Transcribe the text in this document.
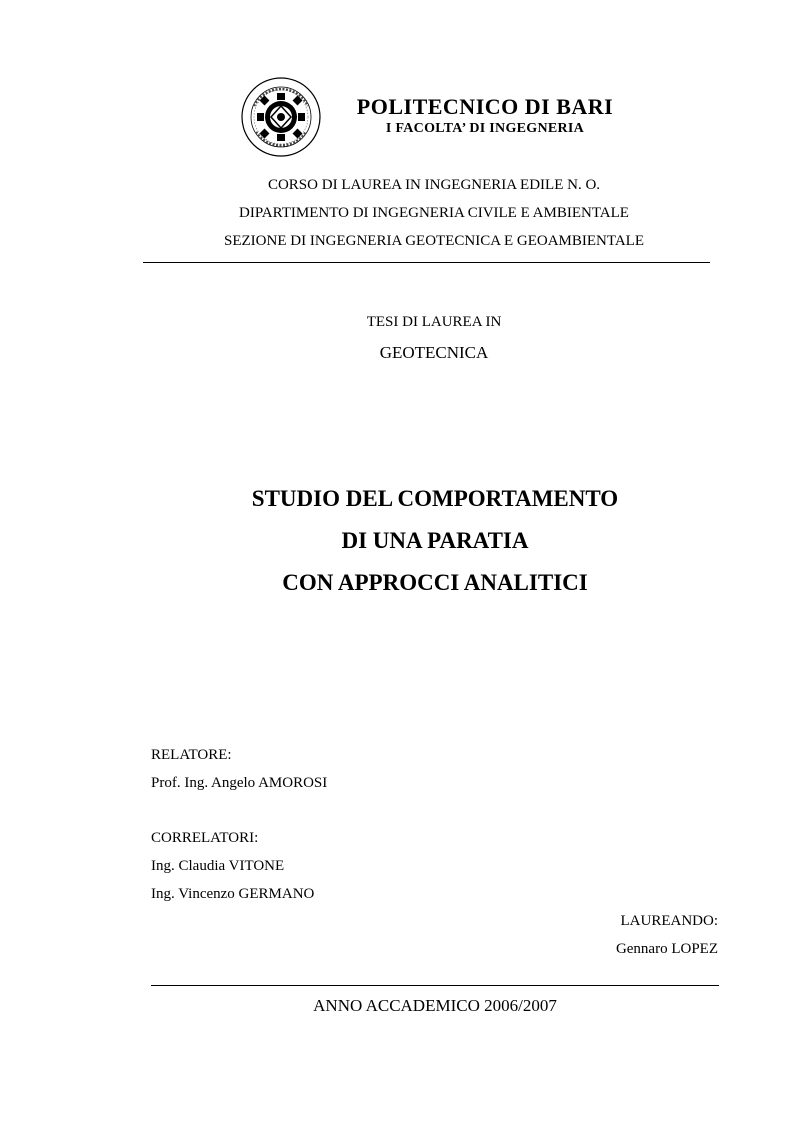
POLITECNICO DI BARI
I FACOLTA’ DI INGEGNERIA
CORSO DI LAUREA IN INGEGNERIA EDILE N. O.
DIPARTIMENTO DI INGEGNERIA CIVILE E AMBIENTALE
SEZIONE DI INGEGNERIA GEOTECNICA E GEOAMBIENTALE
TESI DI LAUREA IN
GEOTECNICA
STUDIO DEL COMPORTAMENTO
DI UNA PARATIA
CON APPROCCI ANALITICI
RELATORE:
Prof. Ing. Angelo AMOROSI
CORRELATORI:
Ing. Claudia VITONE
Ing. Vincenzo GERMANO
LAUREANDO:
Gennaro LOPEZ
ANNO ACCADEMICO 2006/2007
